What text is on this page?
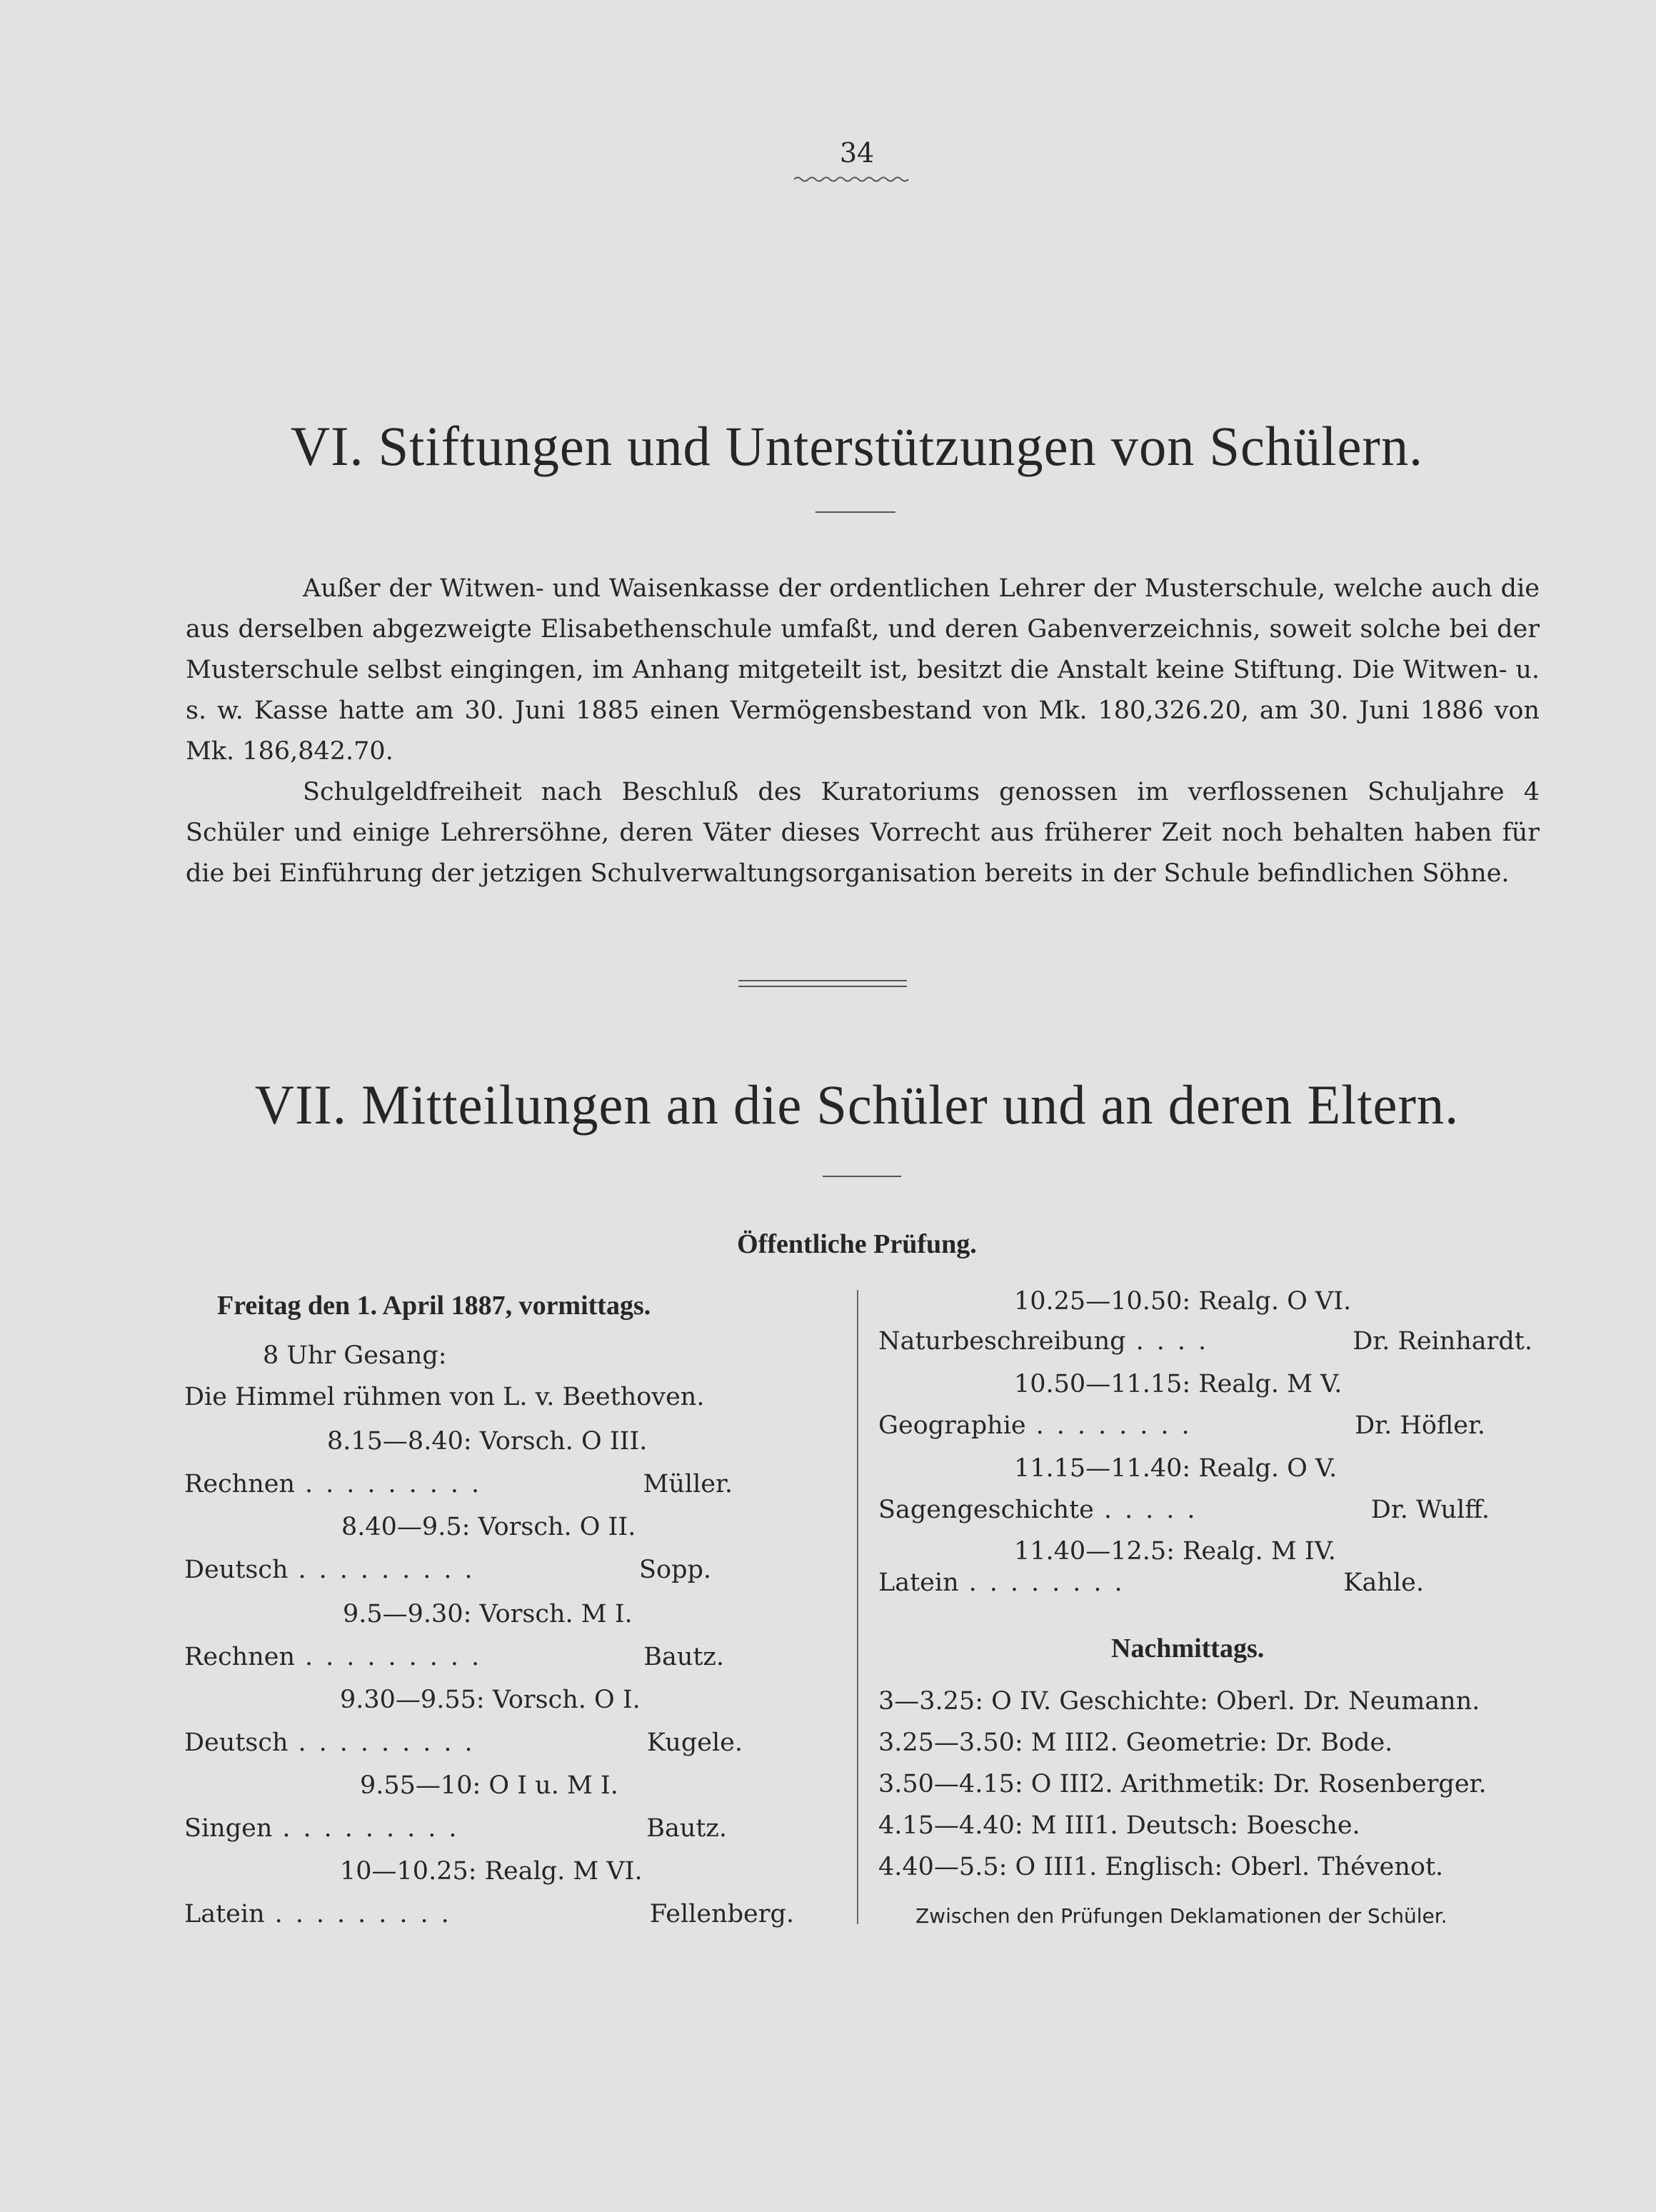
34
VI. Stiftungen und Unterstützungen von Schülern.

Außer der Witwen- und Waisenkasse der ordentlichen Lehrer der Musterschule, welche auch die aus derselben abgezweigte Elisabethenschule umfaßt, und deren Gabenverzeichnis, soweit solche bei der Musterschule selbst eingingen, im Anhang mitgeteilt ist, besitzt die Anstalt keine Stiftung. Die Witwen- u. s. w. Kasse hatte am 30. Juni 1885 einen Vermögensbestand von Mk. 180,326.20, am 30. Juni 1886 von Mk. 186,842.70.

Schulgeldfreiheit nach Beschluß des Kuratoriums genossen im verflossenen Schuljahre 4 Schüler und einige Lehrersöhne, deren Väter dieses Vorrecht aus früherer Zeit noch behalten haben für die bei Einführung der jetzigen Schulverwaltungsorganisation bereits in der Schule befindlichen Söhne.

VII. Mitteilungen an die Schüler und an deren Eltern.
Öffentliche Prüfung.
Freitag den 1. April 1887, vormittags.
8 Uhr Gesang:
Die Himmel rühmen von L. v. Beethoven.
8.15—8.40: Vorsch. O III.
Rechnen .........	Müller.
8.40—9.5: Vorsch. O II.
Deutsch .........	Sopp.
9.5—9.30: Vorsch. M I.
Rechnen .........	Bautz.
9.30—9.55: Vorsch. O I.
Deutsch .........	Kugele.
9.55—10: O I u. M I.
Singen .........	Bautz.
10—10.25: Realg. M VI.
Latein .........	Fellenberg.
10.25—10.50: Realg. O VI.
Naturbeschreibung ....	Dr. Reinhardt.
10.50—11.15: Realg. M V.
Geographie ........	Dr. Höfler.
11.15—11.40: Realg. O V.
Sagengeschichte .....	Dr. Wulff.
11.40—12.5: Realg. M IV.
Latein ........	Kahle.
Nachmittags.
3—3.25: O IV. Geschichte: Oberl. Dr. Neumann.
3.25—3.50: M III2. Geometrie: Dr. Bode.
3.50—4.15: O III2. Arithmetik: Dr. Rosenberger.
4.15—4.40: M III1. Deutsch: Boesche.
4.40—5.5: O III1. Englisch: Oberl. Thévenot.
Zwischen den Prüfungen Deklamationen der Schüler.
